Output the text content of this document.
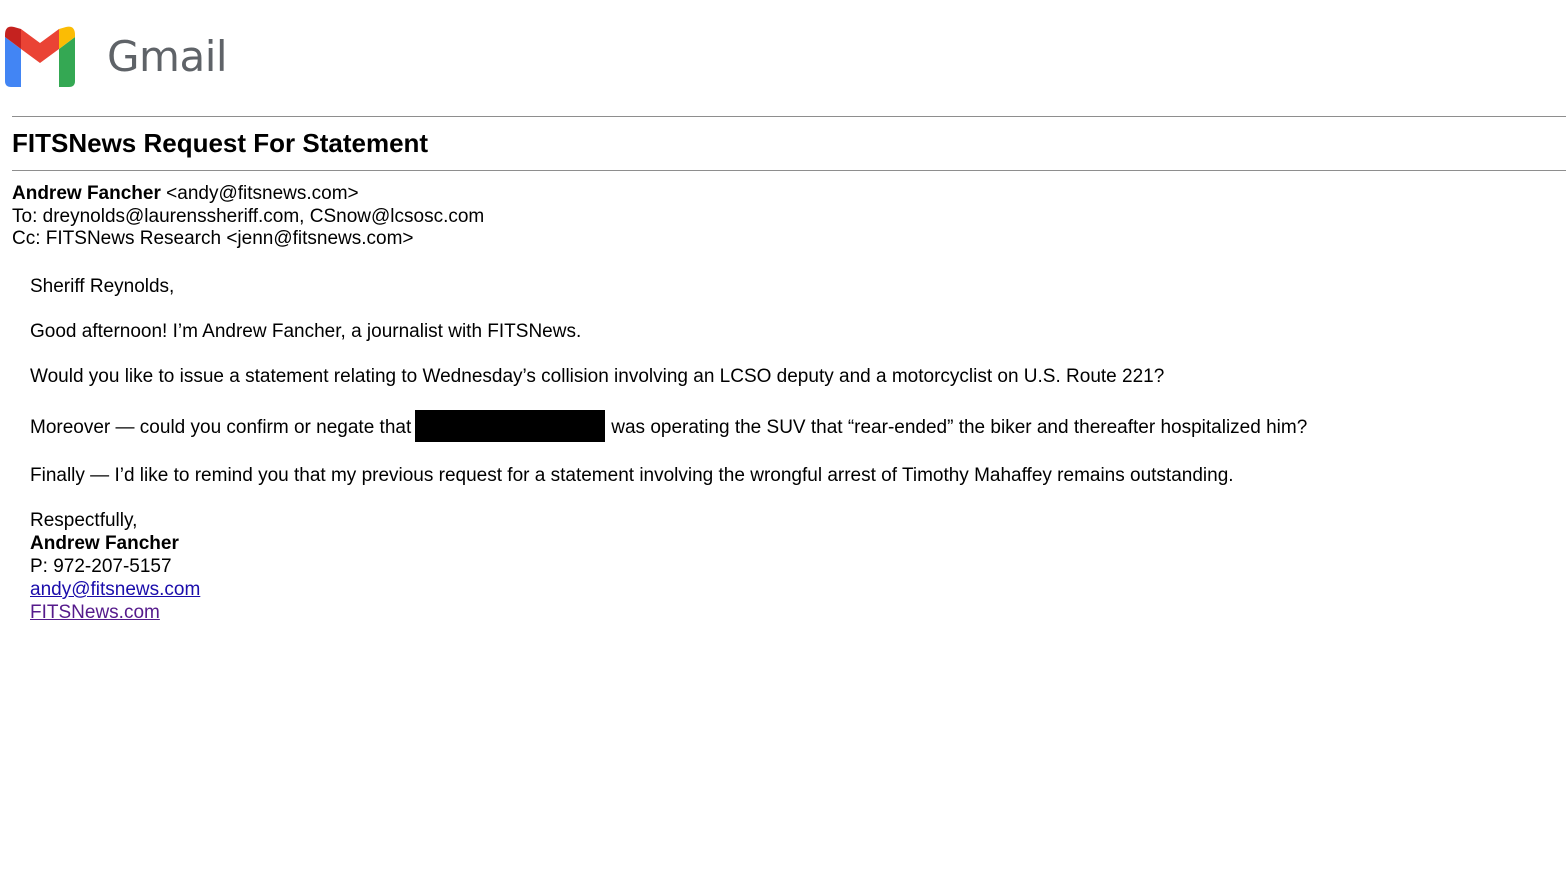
Gmail
FITSNews Request For Statement
Andrew Fancher <andy@fitsnews.com>
To: dreynolds@laurenssheriff.com, CSnow@lcsosc.com
Cc: FITSNews Research <jenn@fitsnews.com>

Sheriff Reynolds,

Good afternoon! I’m Andrew Fancher, a journalist with FITSNews.

Would you like to issue a statement relating to Wednesday’s collision involving an LCSO deputy and a motorcyclist on U.S. Route 221?

Moreover — could you confirm or negate that	was operating the SUV that “rear-ended” the biker and thereafter hospitalized him?

Finally — I’d like to remind you that my previous request for a statement involving the wrongful arrest of Timothy Mahaffey remains outstanding.

Respectfully,
Andrew Fancher
P: 972-207-5157
andy@fitsnews.com
FITSNews.com
